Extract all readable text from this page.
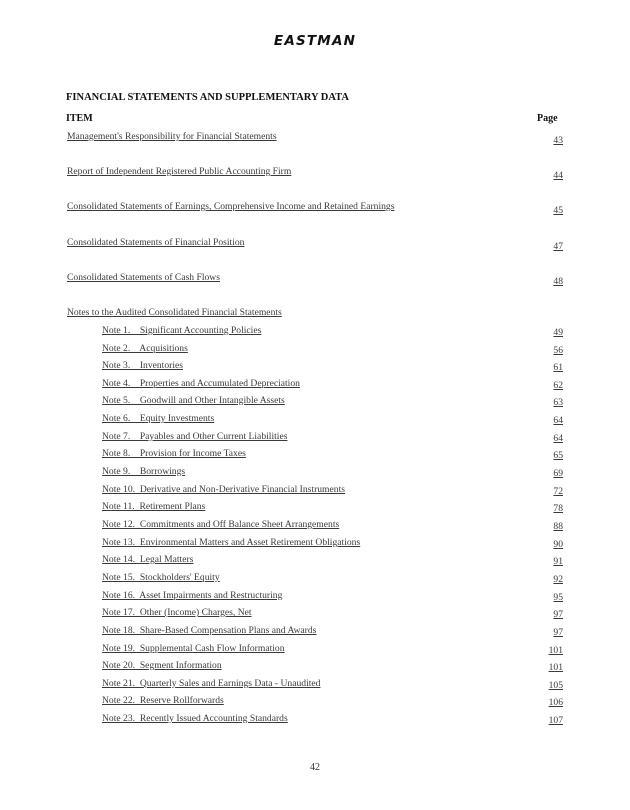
EASTMAN
FINANCIAL STATEMENTS AND SUPPLEMENTARY DATA
ITEM	Page
Management's Responsibility for Financial Statements	43
Report of Independent Registered Public Accounting Firm	44
Consolidated Statements of Earnings, Comprehensive Income and Retained Earnings	45
Consolidated Statements of Financial Position	47
Consolidated Statements of Cash Flows	48
Notes to the Audited Consolidated Financial Statements
Note 1.    Significant Accounting Policies	49
Note 2.    Acquisitions	56
Note 3.    Inventories	61
Note 4.    Properties and Accumulated Depreciation	62
Note 5.    Goodwill and Other Intangible Assets	63
Note 6.    Equity Investments	64
Note 7.    Payables and Other Current Liabilities	64
Note 8.    Provision for Income Taxes	65
Note 9.    Borrowings	69
Note 10.  Derivative and Non-Derivative Financial Instruments	72
Note 11.  Retirement Plans	78
Note 12.  Commitments and Off Balance Sheet Arrangements	88
Note 13.  Environmental Matters and Asset Retirement Obligations	90
Note 14.  Legal Matters	91
Note 15.  Stockholders' Equity	92
Note 16.  Asset Impairments and Restructuring	95
Note 17.  Other (Income) Charges, Net	97
Note 18.  Share-Based Compensation Plans and Awards	97
Note 19.  Supplemental Cash Flow Information	101
Note 20.  Segment Information	101
Note 21.  Quarterly Sales and Earnings Data - Unaudited	105
Note 22.  Reserve Rollforwards	106
Note 23.  Recently Issued Accounting Standards	107
42
